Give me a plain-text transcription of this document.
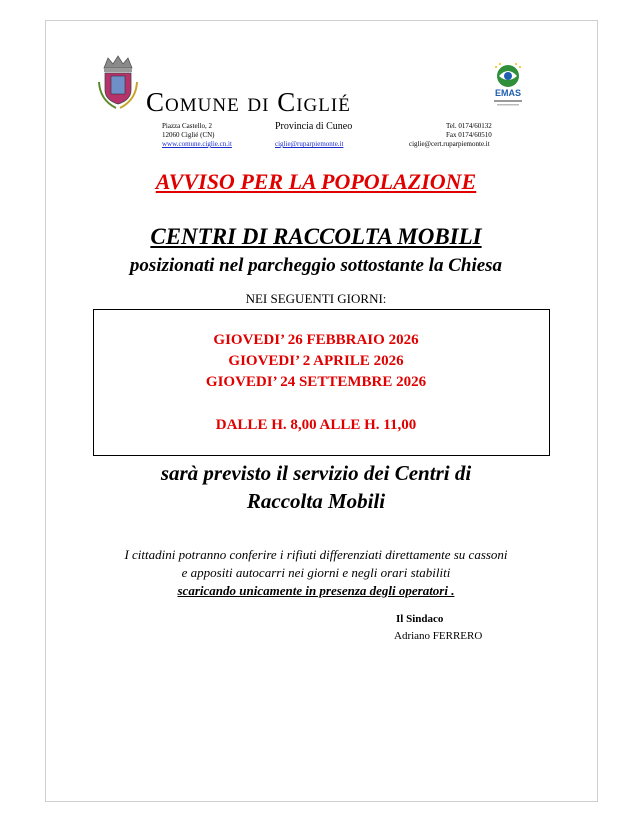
EMAS
Comune di Ciglié
Piazza Castello, 2
12060 Ciglié (CN)
www.comune.ciglie.cn.it
Provincia di Cuneo
ciglie@ruparpiemonte.it
Tel. 0174/60132
Fax 0174/60510
ciglie@cert.ruparpiemonte.it
AVVISO PER LA POPOLAZIONE
CENTRI DI RACCOLTA MOBILI
posizionati nel parcheggio sottostante la Chiesa
NEI SEGUENTI GIORNI:
GIOVEDI’ 26 FEBBRAIO 2026
GIOVEDI’ 2 APRILE 2026
GIOVEDI’ 24 SETTEMBRE 2026
DALLE H. 8,00 ALLE H. 11,00
sarà previsto il servizio dei Centri di
Raccolta Mobili
I cittadini potranno conferire i rifiuti differenziati direttamente su cassoni
e appositi autocarri nei giorni e negli orari stabiliti
scaricando unicamente in presenza degli operatori .
Il Sindaco
Adriano FERRERO
